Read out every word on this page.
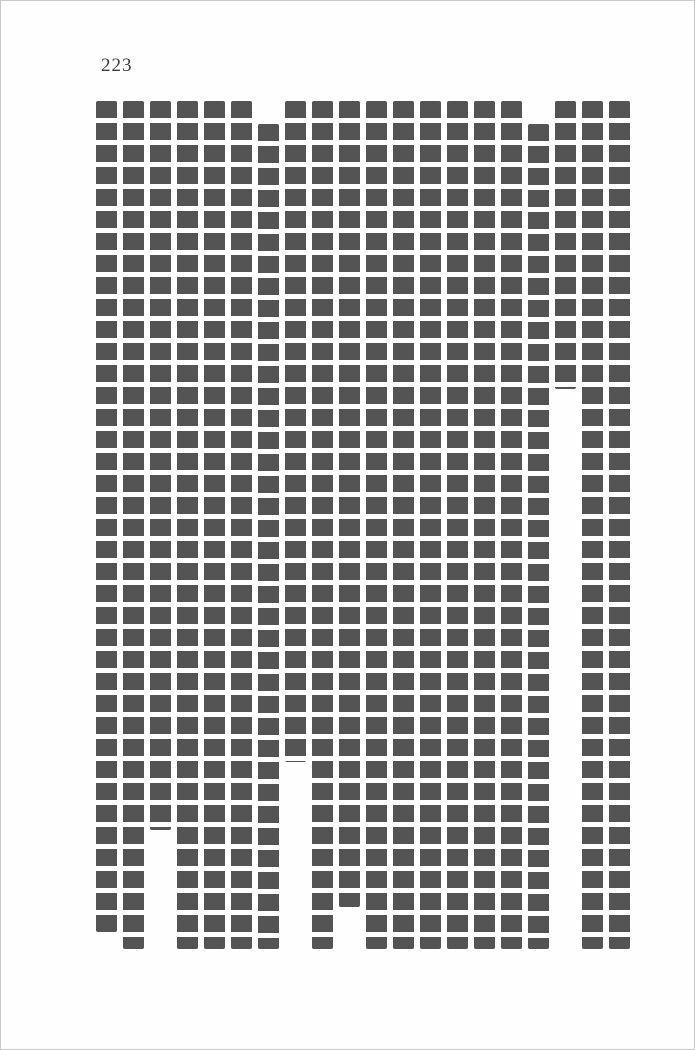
223
